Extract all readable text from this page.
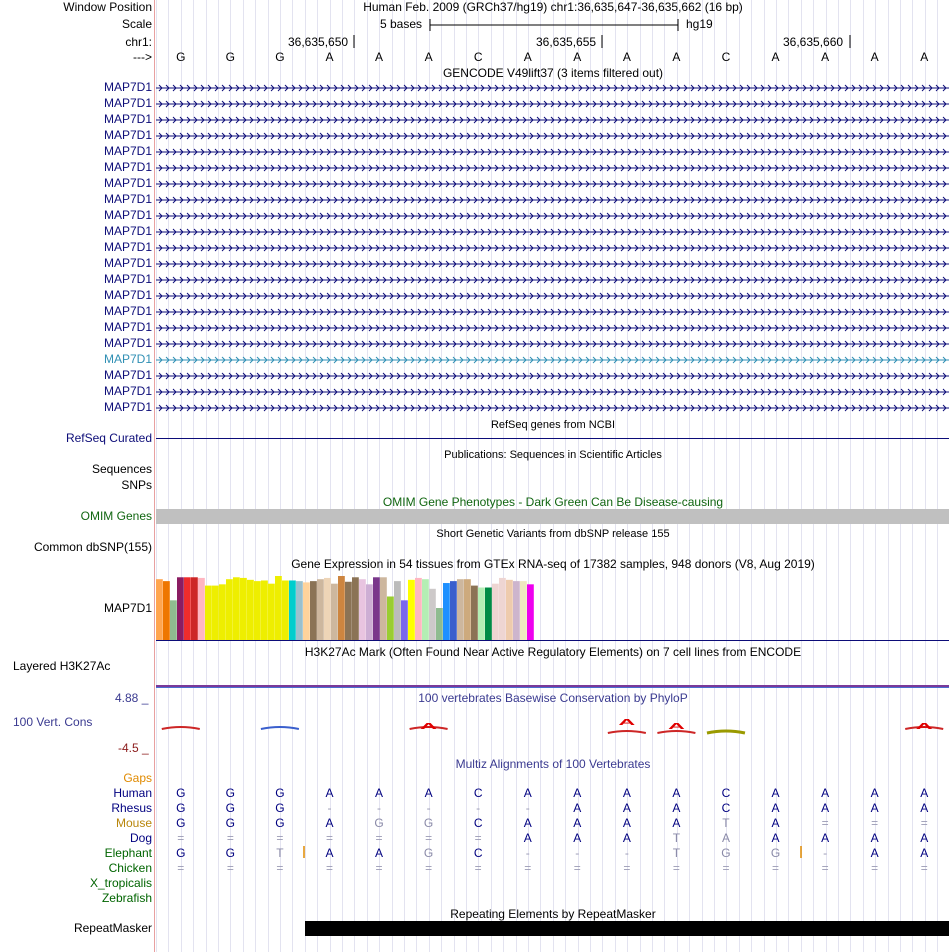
Window Position	Human Feb. 2009 (GRCh37/hg19) chr1:36,635,647-36,635,662 (16 bp)
Scale	5 bases	hg19
chr1:	36,635,650	36,635,655	36,635,660
---> G	G	G	A	A	A	C	A	A	A	A	C	A	A	A	A
GENCODE V49lift37 (3 items filtered out)
MAP7D1
MAP7D1
MAP7D1
MAP7D1
MAP7D1
MAP7D1
MAP7D1
MAP7D1
MAP7D1
MAP7D1
MAP7D1
MAP7D1
MAP7D1
MAP7D1
MAP7D1
MAP7D1
MAP7D1
MAP7D1
MAP7D1
MAP7D1
MAP7D1
RefSeq genes from NCBI
RefSeq Curated
Publications: Sequences in Scientific Articles
Sequences
SNPs
OMIM Gene Phenotypes - Dark Green Can Be Disease-causing
OMIM Genes
Short Genetic Variants from dbSNP release 155
Common dbSNP(155)
Gene Expression in 54 tissues from GTEx RNA-seq of 17382 samples, 948 donors (V8, Aug 2019)
MAP7D1
H3K27Ac Mark (Often Found Near Active Regulatory Elements) on 7 cell lines from ENCODE
Layered H3K27Ac
100 vertebrates Basewise Conservation by PhyloP
4.88 _
100 Vert. Cons
-4.5 _
A	A	A	A
Multiz Alignments of 100 Vertebrates
Gaps
Human G	G	G	A	A	A	C	A	A	A	A	C	A	A	A	A
Rhesus G	G	G	-	-	-	-	-	A	A	A	C	A	A	A	A
Mouse G	G	G	A	G	G	C	A	A	A	A	T	A	=	=	=
Dog =	=	=	=	=	=	=	A	A	A	T	A	A	A	A	A
Elephant G	G	T	A	A	G	C	-	-	-	T	G	G	-	A	A
Chicken =	=	=	=	=	=	=	=	=	=	=	=	=	=	=	=
X_tropicalis
Zebrafish
Repeating Elements by RepeatMasker
RepeatMasker
